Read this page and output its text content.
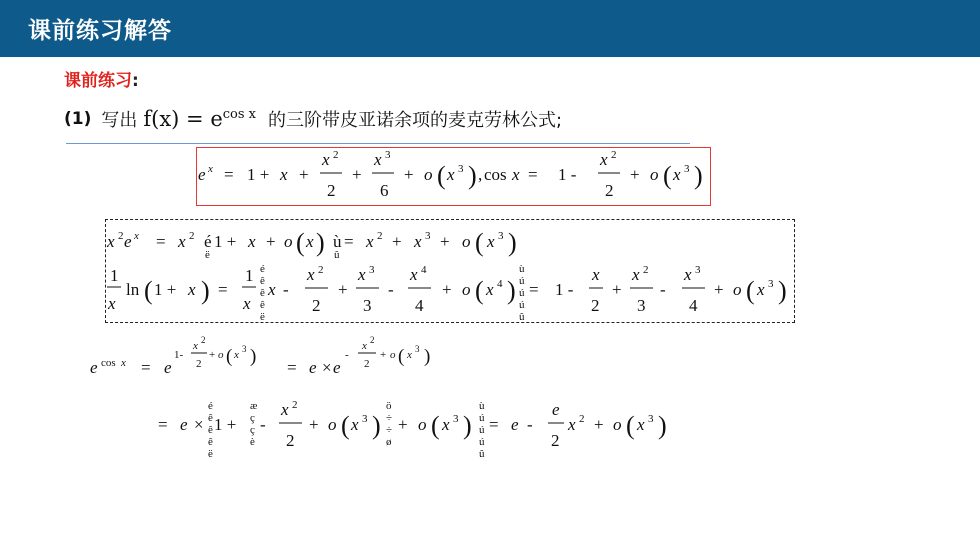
课前练习解答
课前练习:
(1) 写出 $f(x) = e^{cos x}$ 的三阶带皮亚诺余项的麦克劳林公式;
e x = 1 + x +
x 2
2
+
x 3
6
+ o ( x 3 ) , cos x = 1 -
x 2
2
+ o ( x 3 )
x 2 e x = x 2 é
ë
1 + x + o ( x ) ù
û
= x 2 + x 3 + o ( x 3 )
1
x
ln ( 1 + x ) =
1
x
é
ê
ê
ê
ë
x -
x 2
2
+
x 3
3
-
x 4
4
+ o ( x 4 )
ù
ú
ú
ú
û
= 1 -
x
2
+
x 2
3
-
x 3
4
+ o ( x 3 )
e cos x = e
1-
x 2
2
+ o ( x 3 )
= e × e
-
x 2
2
+ o ( x 3 )
= e ×
é
ê
ê
ê
ë
1 +
æ
ç
ç
è
-
x 2
2
+ o ( x 3 )
ö
÷
÷
ø
+ o ( x 3 )
ù
ú
ú
ú
û
= e -
e
2
x 2 + o ( x 3 )
